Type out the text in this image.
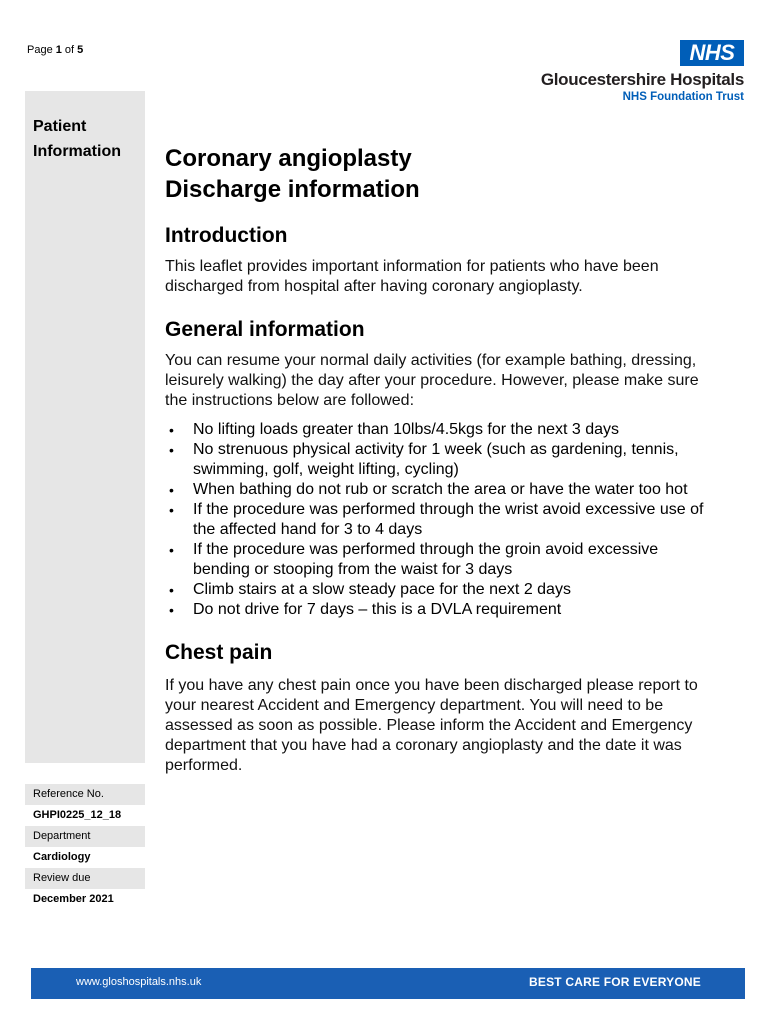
Page 1 of 5	NHS
Gloucestershire Hospitals
NHS Foundation Trust
Patient
Information
Reference No.
GHPI0225_12_18
Department
Cardiology
Review due
December 2021
Coronary angioplasty
Discharge information
Introduction

This leaflet provides important information for patients who have been discharged from hospital after having coronary angioplasty.

General information

You can resume your normal daily activities (for example bathing, dressing, leisurely walking) the day after your procedure. However, please make sure the instructions below are followed:

• No lifting loads greater than 10lbs/4.5kgs for the next 3 days
• No strenuous physical activity for 1 week (such as gardening, tennis, swimming, golf, weight lifting, cycling)
• When bathing do not rub or scratch the area or have the water too hot
• If the procedure was performed through the wrist avoid excessive use of the affected hand for 3 to 4 days
• If the procedure was performed through the groin avoid excessive bending or stooping from the waist for 3 days
• Climb stairs at a slow steady pace for the next 2 days
• Do not drive for 7 days – this is a DVLA requirement
Chest pain

If you have any chest pain once you have been discharged please report to your nearest Accident and Emergency department. You will need to be assessed as soon as possible. Please inform the Accident and Emergency department that you have had a coronary angioplasty and the date it was performed.

www.gloshospitals.nhs.uk	BEST CARE FOR EVERYONE
